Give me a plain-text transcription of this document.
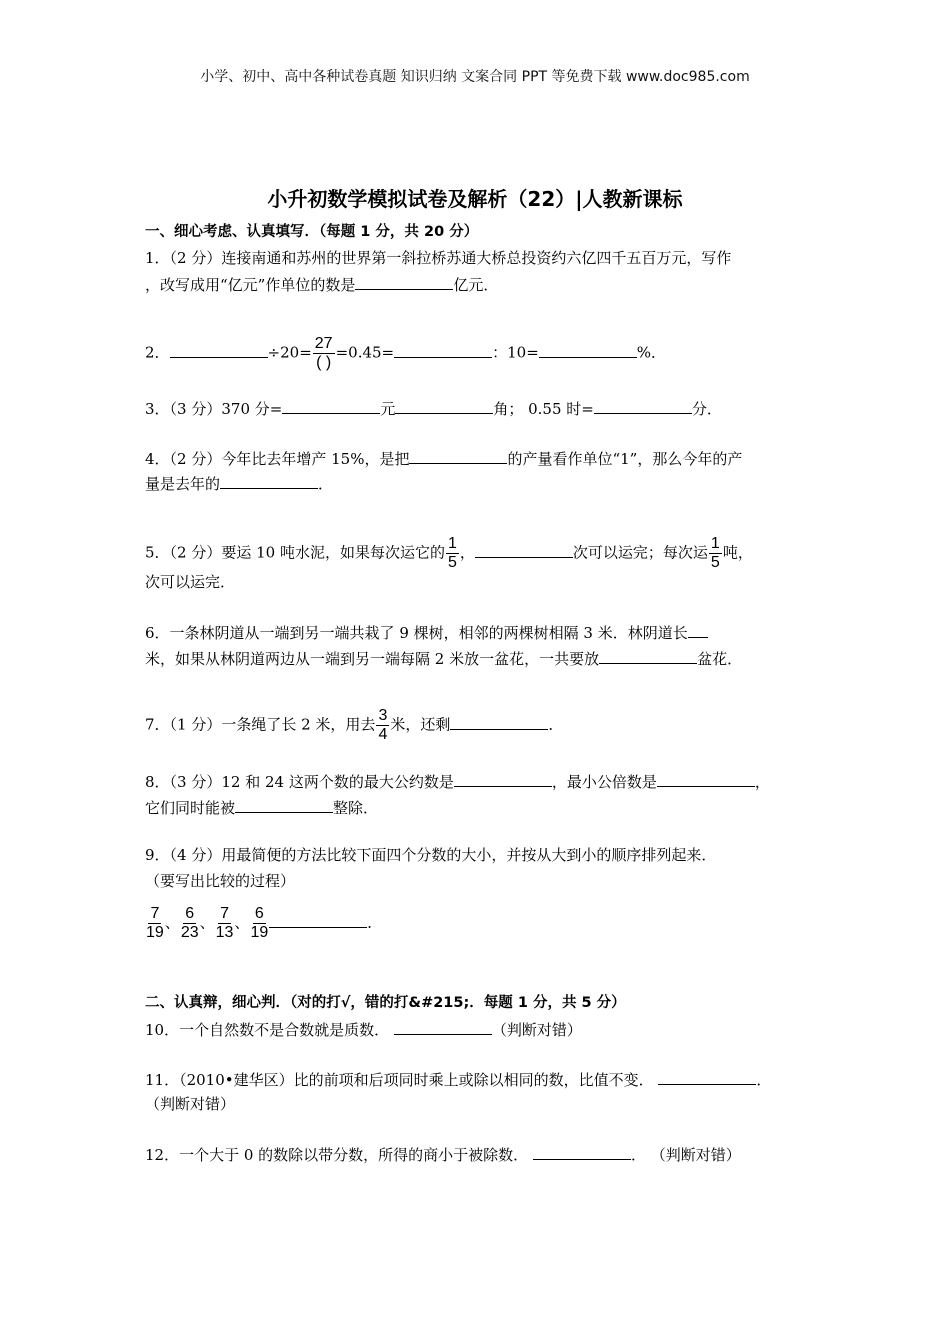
小学、初中、高中各种试卷真题 知识归纳 文案合同 PPT 等免费下载 www.doc985.com
小升初数学模拟试卷及解析（22）|人教新课标
一、细心考虑、认真填写．（每题 1 分，共 20 分）
1．（2 分）连接南通和苏州的世界第一斜拉桥苏通大桥总投资约六亿四千五百万元，写作
，改写成用“亿元”作单位的数是	亿元．
2．	$\div 20= \frac{27}{( )} =0.45=$	：10=	%．
3．（3 分）370 分=	元	角； 0.55 时=	分．
4．（2 分）今年比去年增产 15%，是把	的产量看作单位“1”，那么今年的产
量是去年的	．
5．（2 分）要运 10 吨水泥，如果每次运它的 $\frac{1}{5}$ ，	次可以运完；每次运 $\frac{1}{5}$ 吨，
次可以运完．
6．一条林阴道从一端到另一端共栽了 9 棵树，相邻的两棵树相隔 3 米．林阴道长
米，如果从林阴道两边从一端到另一端每隔 2 米放一盆花，一共要放	盆花．
7．（1 分）一条绳了长 2 米，用去 $\frac{3}{4}$ 米，还剩	．
8．（3 分）12 和 24 这两个数的最大公约数是	，最小公倍数是	，
它们同时能被	整除．
9．（4 分）用最简便的方法比较下面四个分数的大小，并按从大到小的顺序排列起来．
（要写出比较的过程）
$\frac{7}{19}$ 、 $\frac{6}{23}$ 、 $\frac{7}{13}$ 、 $\frac{6}{19}$	．
二、认真辩，细心判．（对的打√，错的打&#215;．每题 1 分，共 5 分）
10．一个自然数不是合数就是质数．	（判断对错）
11．（2010•建华区）比的前项和后项同时乘上或除以相同的数，比值不变．	．
（判断对错）
12．一个大于 0 的数除以带分数，所得的商小于被除数．	． （判断对错）
